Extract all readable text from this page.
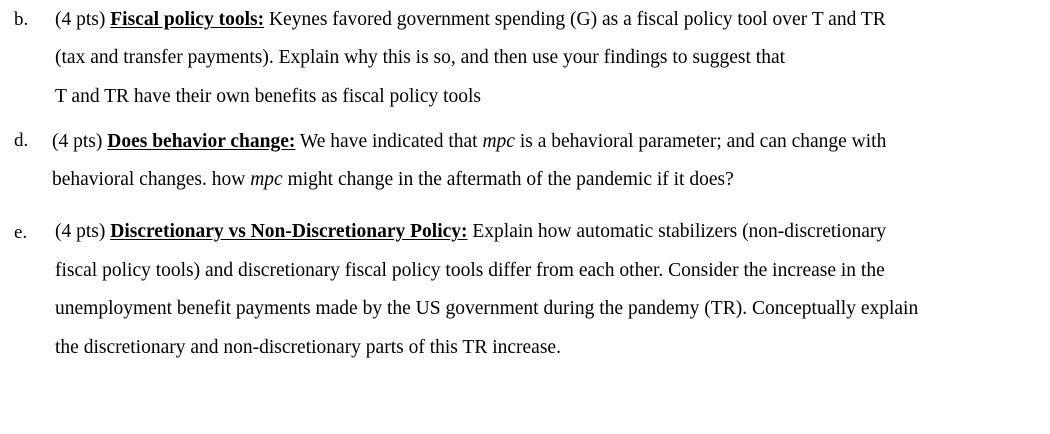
b. (4 pts) Fiscal policy tools: Keynes favored government spending (G) as a fiscal policy tool over T and TR
(tax and transfer payments). Explain why this is so, and then use your findings to suggest that
T and TR have their own benefits as fiscal policy tools
d. (4 pts) Does behavior change: We have indicated that mpc is a behavioral parameter; and can change with
behavioral changes. how mpc might change in the aftermath of the pandemic if it does?
e. (4 pts) Discretionary vs Non-Discretionary Policy: Explain how automatic stabilizers (non-discretionary
fiscal policy tools) and discretionary fiscal policy tools differ from each other. Consider the increase in the
unemployment benefit payments made by the US government during the pandemy (TR). Conceptually explain
the discretionary and non-discretionary parts of this TR increase.
